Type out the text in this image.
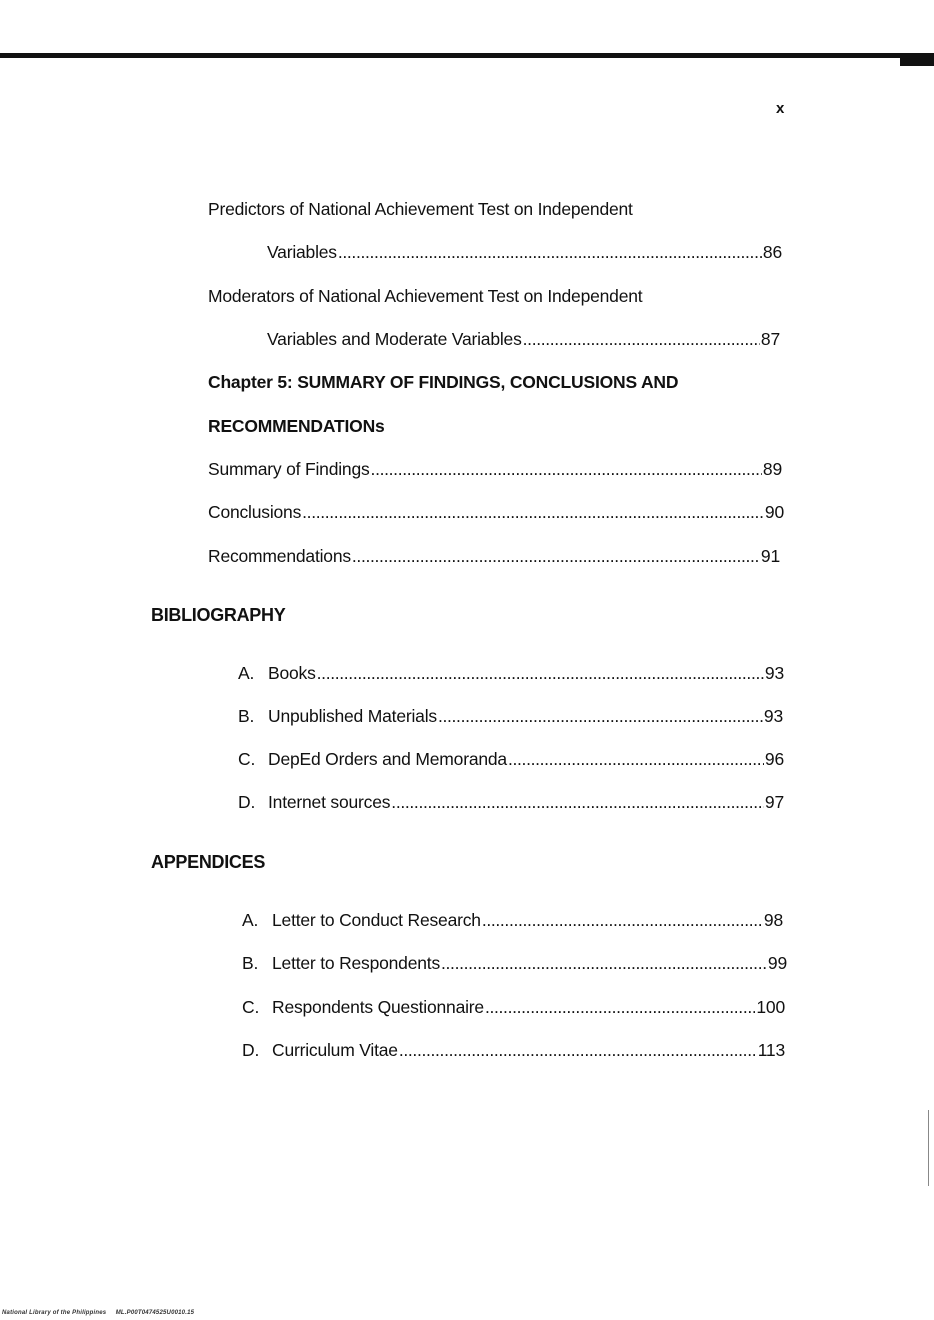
x
Predictors of National Achievement Test on Independent
Variables . . .	86
Moderators of National Achievement Test on Independent
Variables and Moderate Variables . . .	87
Chapter 5: SUMMARY OF FINDINGS, CONCLUSIONS AND
RECOMMENDATIONs
Summary of Findings . . .	89
Conclusions . . .	90
Recommendations . . .	91
BIBLIOGRAPHY
A. Books . . .	93
B. Unpublished Materials . . .	93
C. DepEd Orders and Memoranda . . .	96
D. Internet sources . . .	97
APPENDICES
A. Letter to Conduct Research . . .	98
B. Letter to Respondents . . .	99
C. Respondents Questionnaire . . .	100
D. Curriculum Vitae . . .	113
National Library of the Philippines ML.P00T0474525U0010.15
